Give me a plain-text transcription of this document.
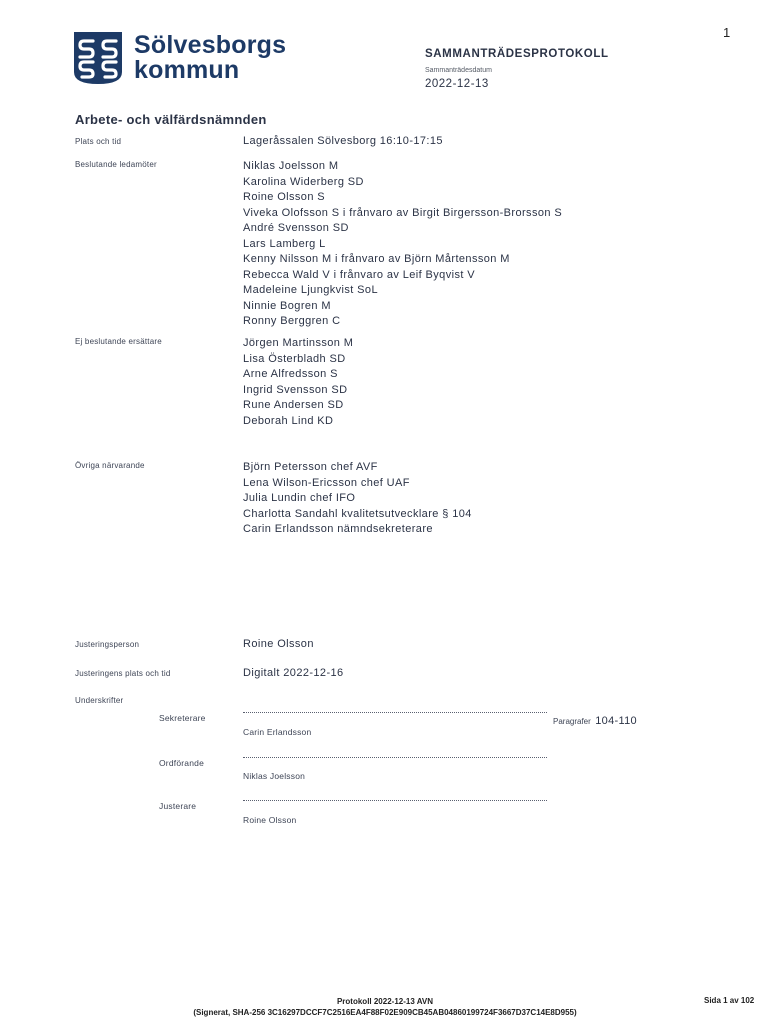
1
Sölvesborgs
kommun
SAMMANTRÄDESPROTOKOLL
Sammanträdesdatum
2022-12-13
Arbete- och välfärdsnämnden
Plats och tid	Lageråssalen Sölvesborg 16:10-17:15
Beslutande ledamöter	Niklas Joelsson M
Karolina Widerberg SD
Roine Olsson S
Viveka Olofsson S i frånvaro av Birgit Birgersson-Brorsson S
André Svensson SD
Lars Lamberg L
Kenny Nilsson M i frånvaro av Björn Mårtensson M
Rebecca Wald V i frånvaro av Leif Byqvist V
Madeleine Ljungkvist SoL
Ninnie Bogren M
Ronny Berggren C
Ej beslutande ersättare	Jörgen Martinsson M
Lisa Österbladh SD
Arne Alfredsson S
Ingrid Svensson SD
Rune Andersen SD
Deborah Lind KD
Övriga närvarande	Björn Petersson chef AVF
Lena Wilson-Ericsson chef UAF
Julia Lundin chef IFO
Charlotta Sandahl kvalitetsutvecklare § 104
Carin Erlandsson nämndsekreterare
Justeringsperson	Roine Olsson
Justeringens plats och tid	Digitalt 2022-12-16
Underskrifter
Sekreterare
Carin Erlandsson
Paragrafer 104-110
Ordförande
Niklas Joelsson
Justerare
Roine Olsson
Protokoll 2022-12-13 AVN
(Signerat, SHA-256 3C16297DCCF7C2516EA4F88F02E909CB45AB04860199724F3667D37C14E8D955)
Sida 1 av 102
